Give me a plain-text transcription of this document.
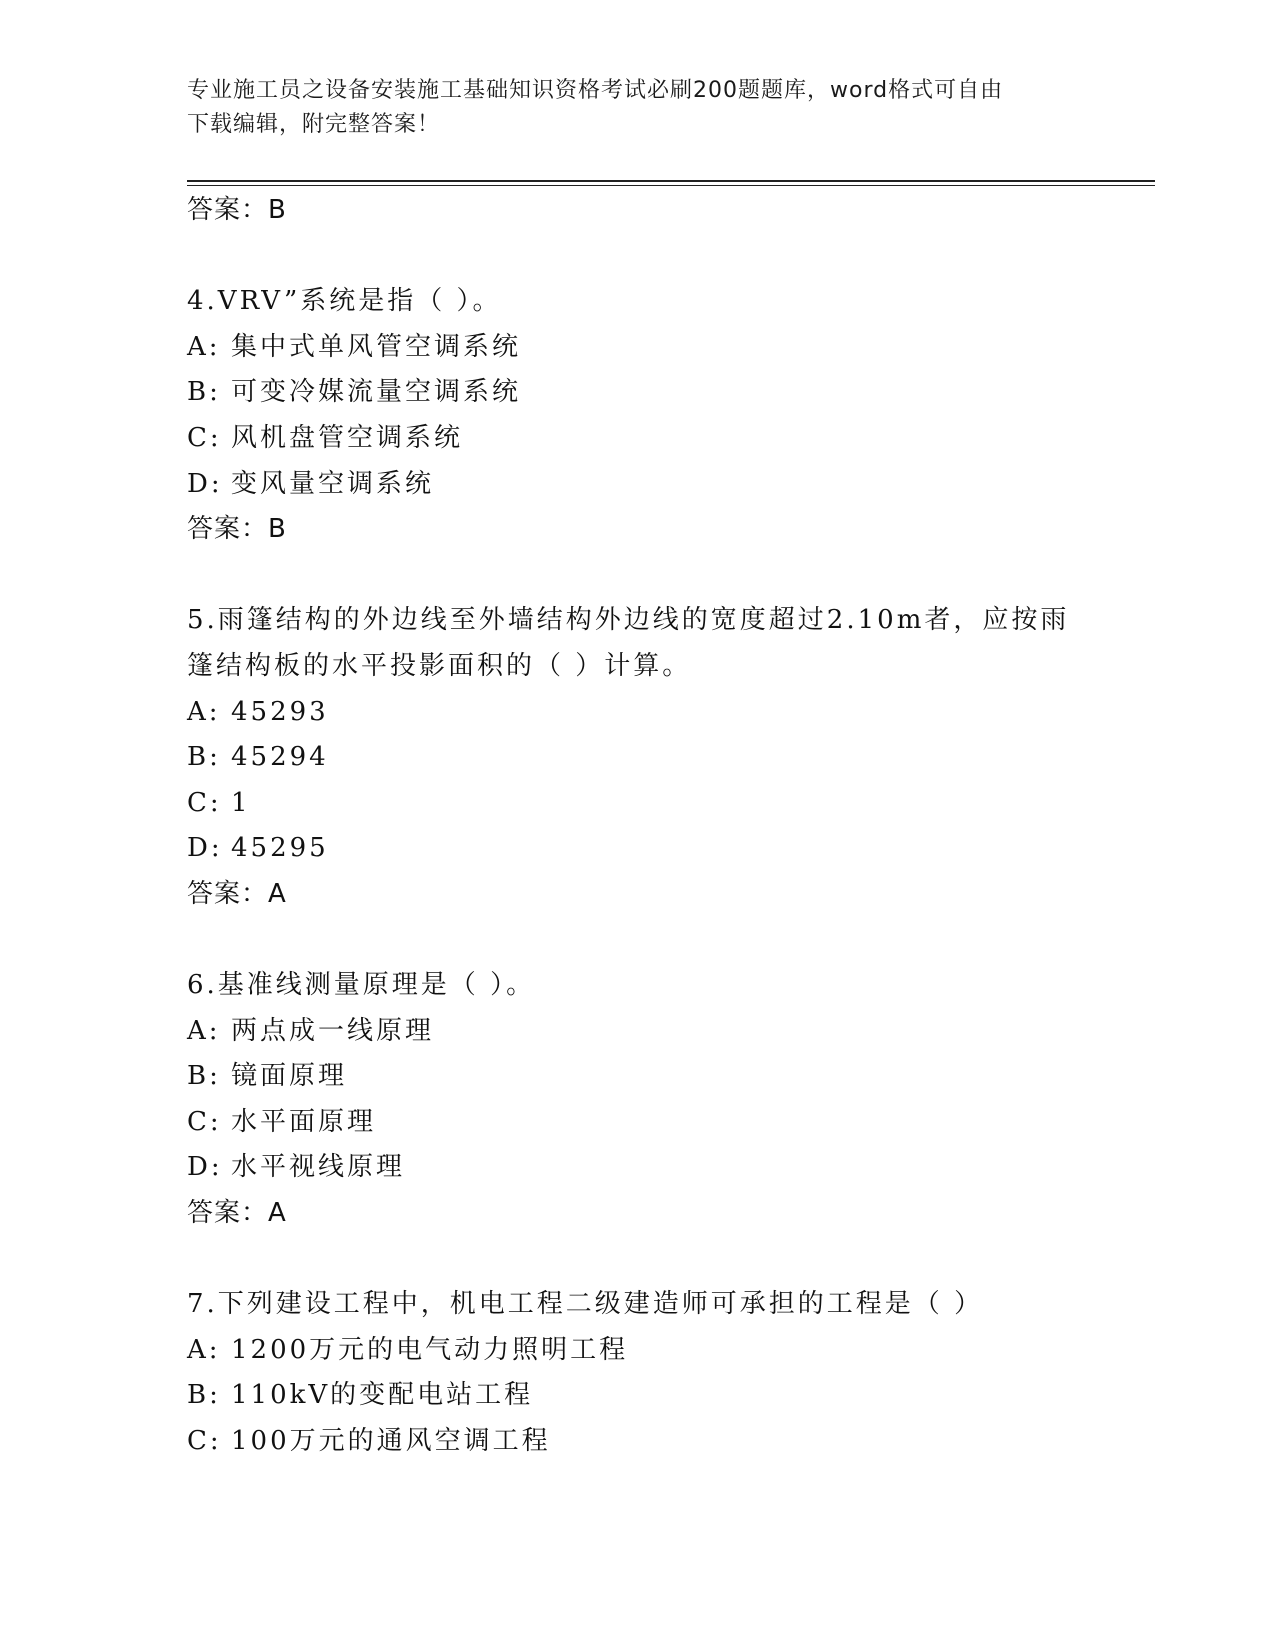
专业施工员之设备安装施工基础知识资格考试必刷200题题库，word格式可自由
下载编辑，附完整答案！
答案：B
4.VRV”系统是指（ ）。
A: 集中式单风管空调系统
B: 可变冷媒流量空调系统
C: 风机盘管空调系统
D: 变风量空调系统
答案：B
5.雨篷结构的外边线至外墙结构外边线的宽度超过2.10m者，应按雨
篷结构板的水平投影面积的（ ）计算。
A: 45293
B: 45294
C: 1
D: 45295
答案：A
6.基准线测量原理是（ ）。
A: 两点成一线原理
B: 镜面原理
C: 水平面原理
D: 水平视线原理
答案：A
7.下列建设工程中，机电工程二级建造师可承担的工程是（ ）
A: 1200万元的电气动力照明工程
B: 110kV的变配电站工程
C: 100万元的通风空调工程
